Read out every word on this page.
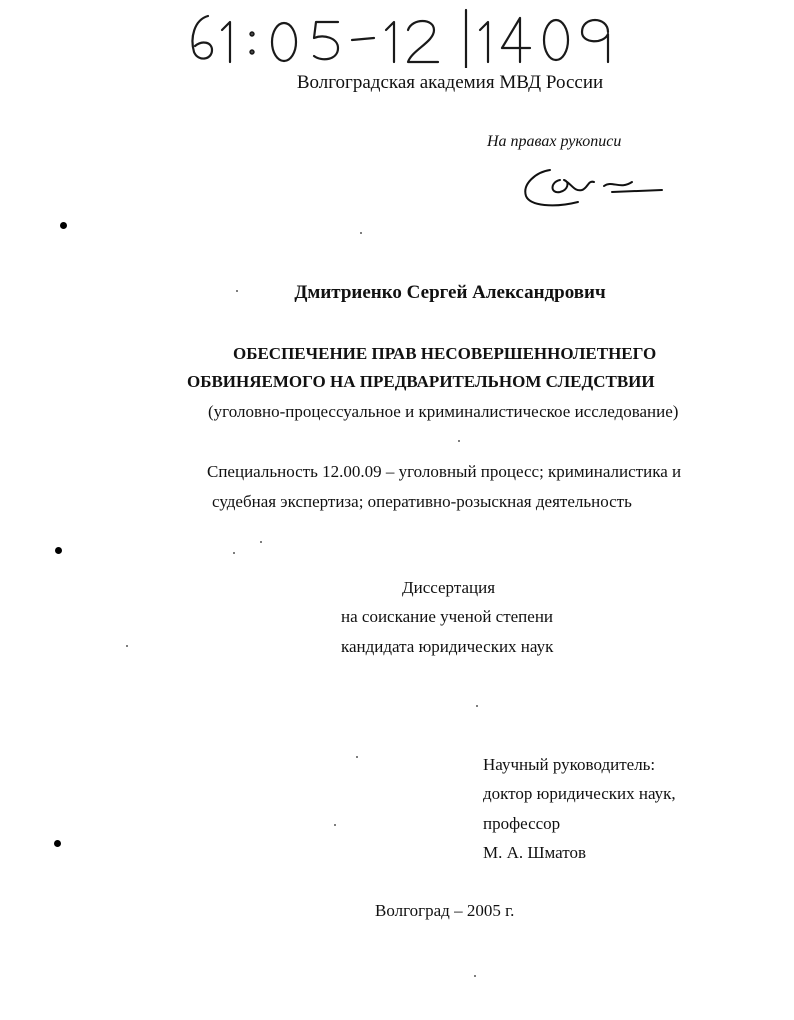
Волгоградская академия МВД России
На правах рукописи
Дмитриенко Сергей Александрович
ОБЕСПЕЧЕНИЕ ПРАВ НЕСОВЕРШЕННОЛЕТНЕГО
ОБВИНЯЕМОГО НА ПРЕДВАРИТЕЛЬНОМ СЛЕДСТВИИ
(уголовно-процессуальное и криминалистическое исследование)
Специальность 12.00.09 – уголовный процесс; криминалистика и
судебная экспертиза; оперативно-розыскная деятельность
Диссертация
на соискание ученой степени
кандидата юридических наук
Научный руководитель:
доктор юридических наук,
профессор
М. А. Шматов
Волгоград – 2005 г.
